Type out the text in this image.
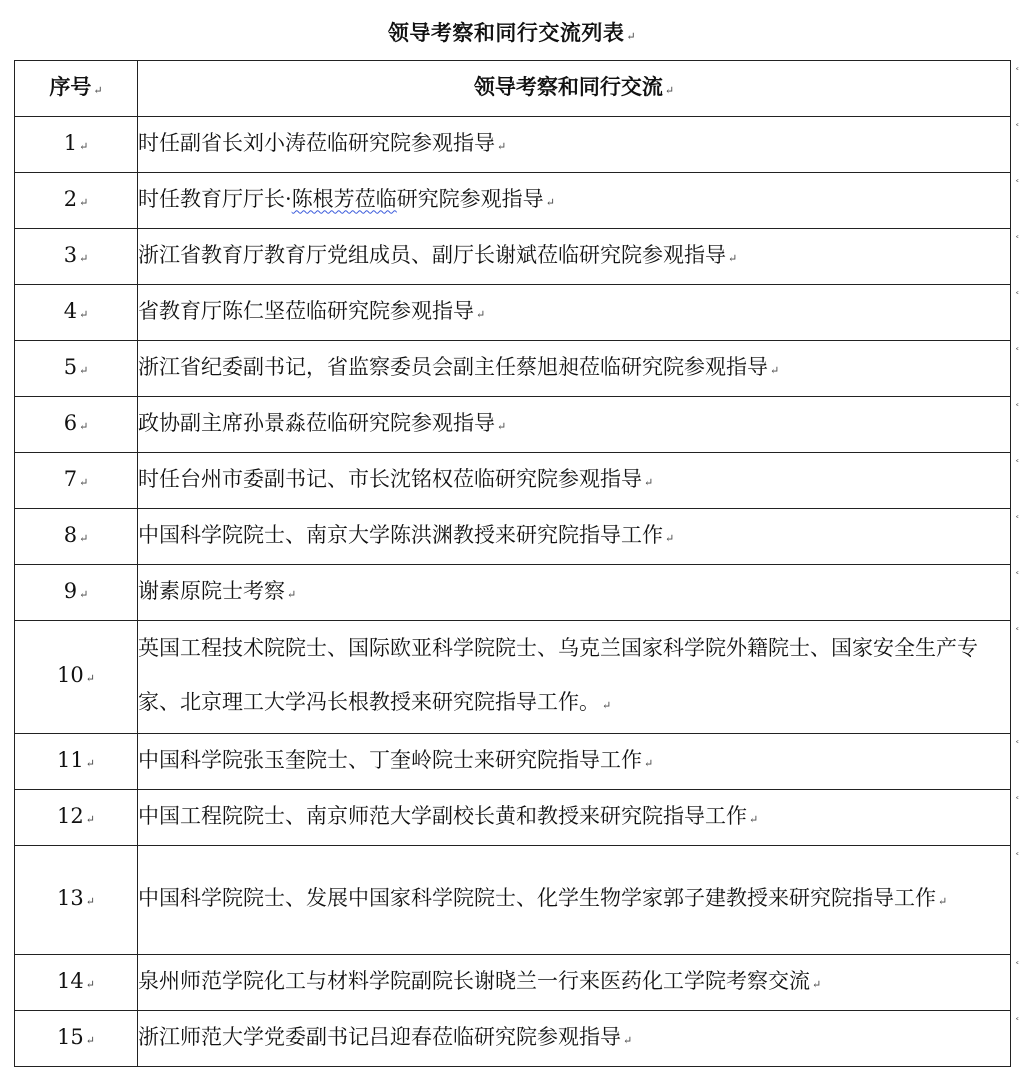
领导考察和同行交流列表 ↵
序号 ↵	领导考察和同行交流 ↵
1 ↵	时任副省长刘小涛莅临研究院参观指导 ↵
2 ↵	时任教育厅厅长·陈根芳莅临研究院参观指导 ↵
3 ↵	浙江省教育厅教育厅党组成员、副厅长谢斌莅临研究院参观指导 ↵
4 ↵	省教育厅陈仁坚莅临研究院参观指导 ↵
5 ↵	浙江省纪委副书记，省监察委员会副主任蔡旭昶莅临研究院参观指导 ↵
6 ↵	政协副主席孙景淼莅临研究院参观指导 ↵
7 ↵	时任台州市委副书记、市长沈铭权莅临研究院参观指导 ↵
8 ↵	中国科学院院士、南京大学陈洪渊教授来研究院指导工作 ↵
9 ↵	谢素原院士考察 ↵
10 ↵	英国工程技术院院士、国际欧亚科学院院士、乌克兰国家科学院外籍院士、国家安全生产专家、北京理工大学冯长根教授来研究院指导工作。 ↵
11 ↵	中国科学院张玉奎院士、丁奎岭院士来研究院指导工作 ↵
12 ↵	中国工程院院士、南京师范大学副校长黄和教授来研究院指导工作 ↵
13 ↵	中国科学院院士、发展中国家科学院院士、化学生物学家郭子建教授来研究院指导工作 ↵
14 ↵	泉州师范学院化工与材料学院副院长谢晓兰一行来医药化工学院考察交流 ↵
15 ↵	浙江师范大学党委副书记吕迎春莅临研究院参观指导 ↵
˂
˂
˂
˂
˂
˂
˂
˂
˂
˂
˂
˂
˂
˂
˂
˂
